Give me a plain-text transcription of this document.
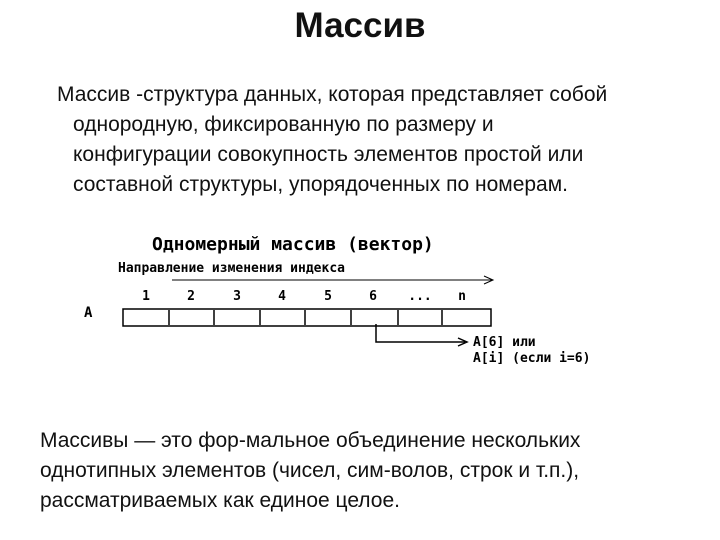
Массив
Массив -структура данных, которая представляет собой
однородную, фиксированную по размеру и
конфигурации совокупность элементов простой или
составной структуры, упорядоченных по номерам.
Одномерный массив (вектор)
Направление изменения индекса
1	2	3	4	5	6 ... n
A
A[6] или
A[i] (если i=6)
Массивы — это фор-мальное объединение нескольких
однотипных элементов (чисел, сим-волов, строк и т.п.),
рассматриваемых как единое целое.
